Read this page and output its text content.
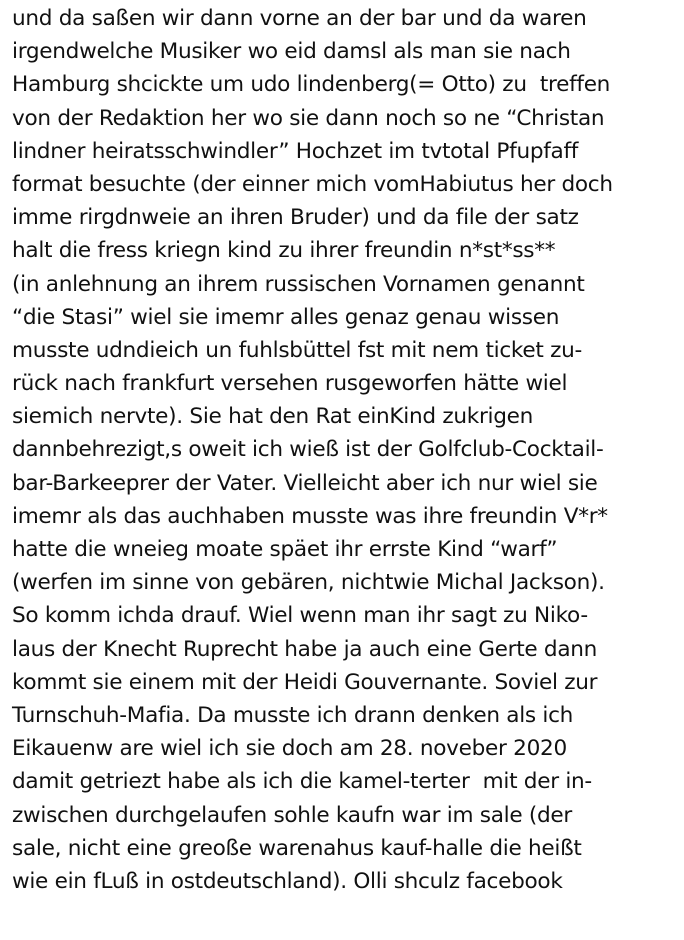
und da saßen wir dann vorne an der bar und da waren
irgendwelche Musiker wo eid damsl als man sie nach
Hamburg shcickte um udo lindenberg(= Otto) zu  treffen
von der Redaktion her wo sie dann noch so ne “Christan
lindner heiratsschwindler” Hochzet im tvtotal Pfupfaff
format besuchte (der einner mich vomHabiutus her doch
imme rirgdnweie an ihren Bruder) und da file der satz
halt die fress kriegn kind zu ihrer freundin n*st*ss**
(in anlehnung an ihrem russischen Vornamen genannt
“die Stasi” wiel sie imemr alles genaz genau wissen
musste udndieich un fuhlsbüttel fst mit nem ticket zu-
rück nach frankfurt versehen rusgeworfen hätte wiel
siemich nervte). Sie hat den Rat einKind zukrigen
dannbehrezigt,s oweit ich wieß ist der Golfclub-Cocktail-
bar-Barkeeprer der Vater. Vielleicht aber ich nur wiel sie
imemr als das auchhaben musste was ihre freundin V*r*
hatte die wneieg moate späet ihr errste Kind “warf”
(werfen im sinne von gebären, nichtwie Michal Jackson).
So komm ichda drauf. Wiel wenn man ihr sagt zu Niko-
laus der Knecht Ruprecht habe ja auch eine Gerte dann
kommt sie einem mit der Heidi Gouvernante. Soviel zur
Turnschuh-Mafia. Da musste ich drann denken als ich
Eikauenw are wiel ich sie doch am 28. noveber 2020
damit getriezt habe als ich die kamel-terter  mit der in-
zwischen durchgelaufen sohle kaufn war im sale (der
sale, nicht eine greoße warenahus kauf-halle die heißt
wie ein fLuß in ostdeutschland). Olli shculz facebook
